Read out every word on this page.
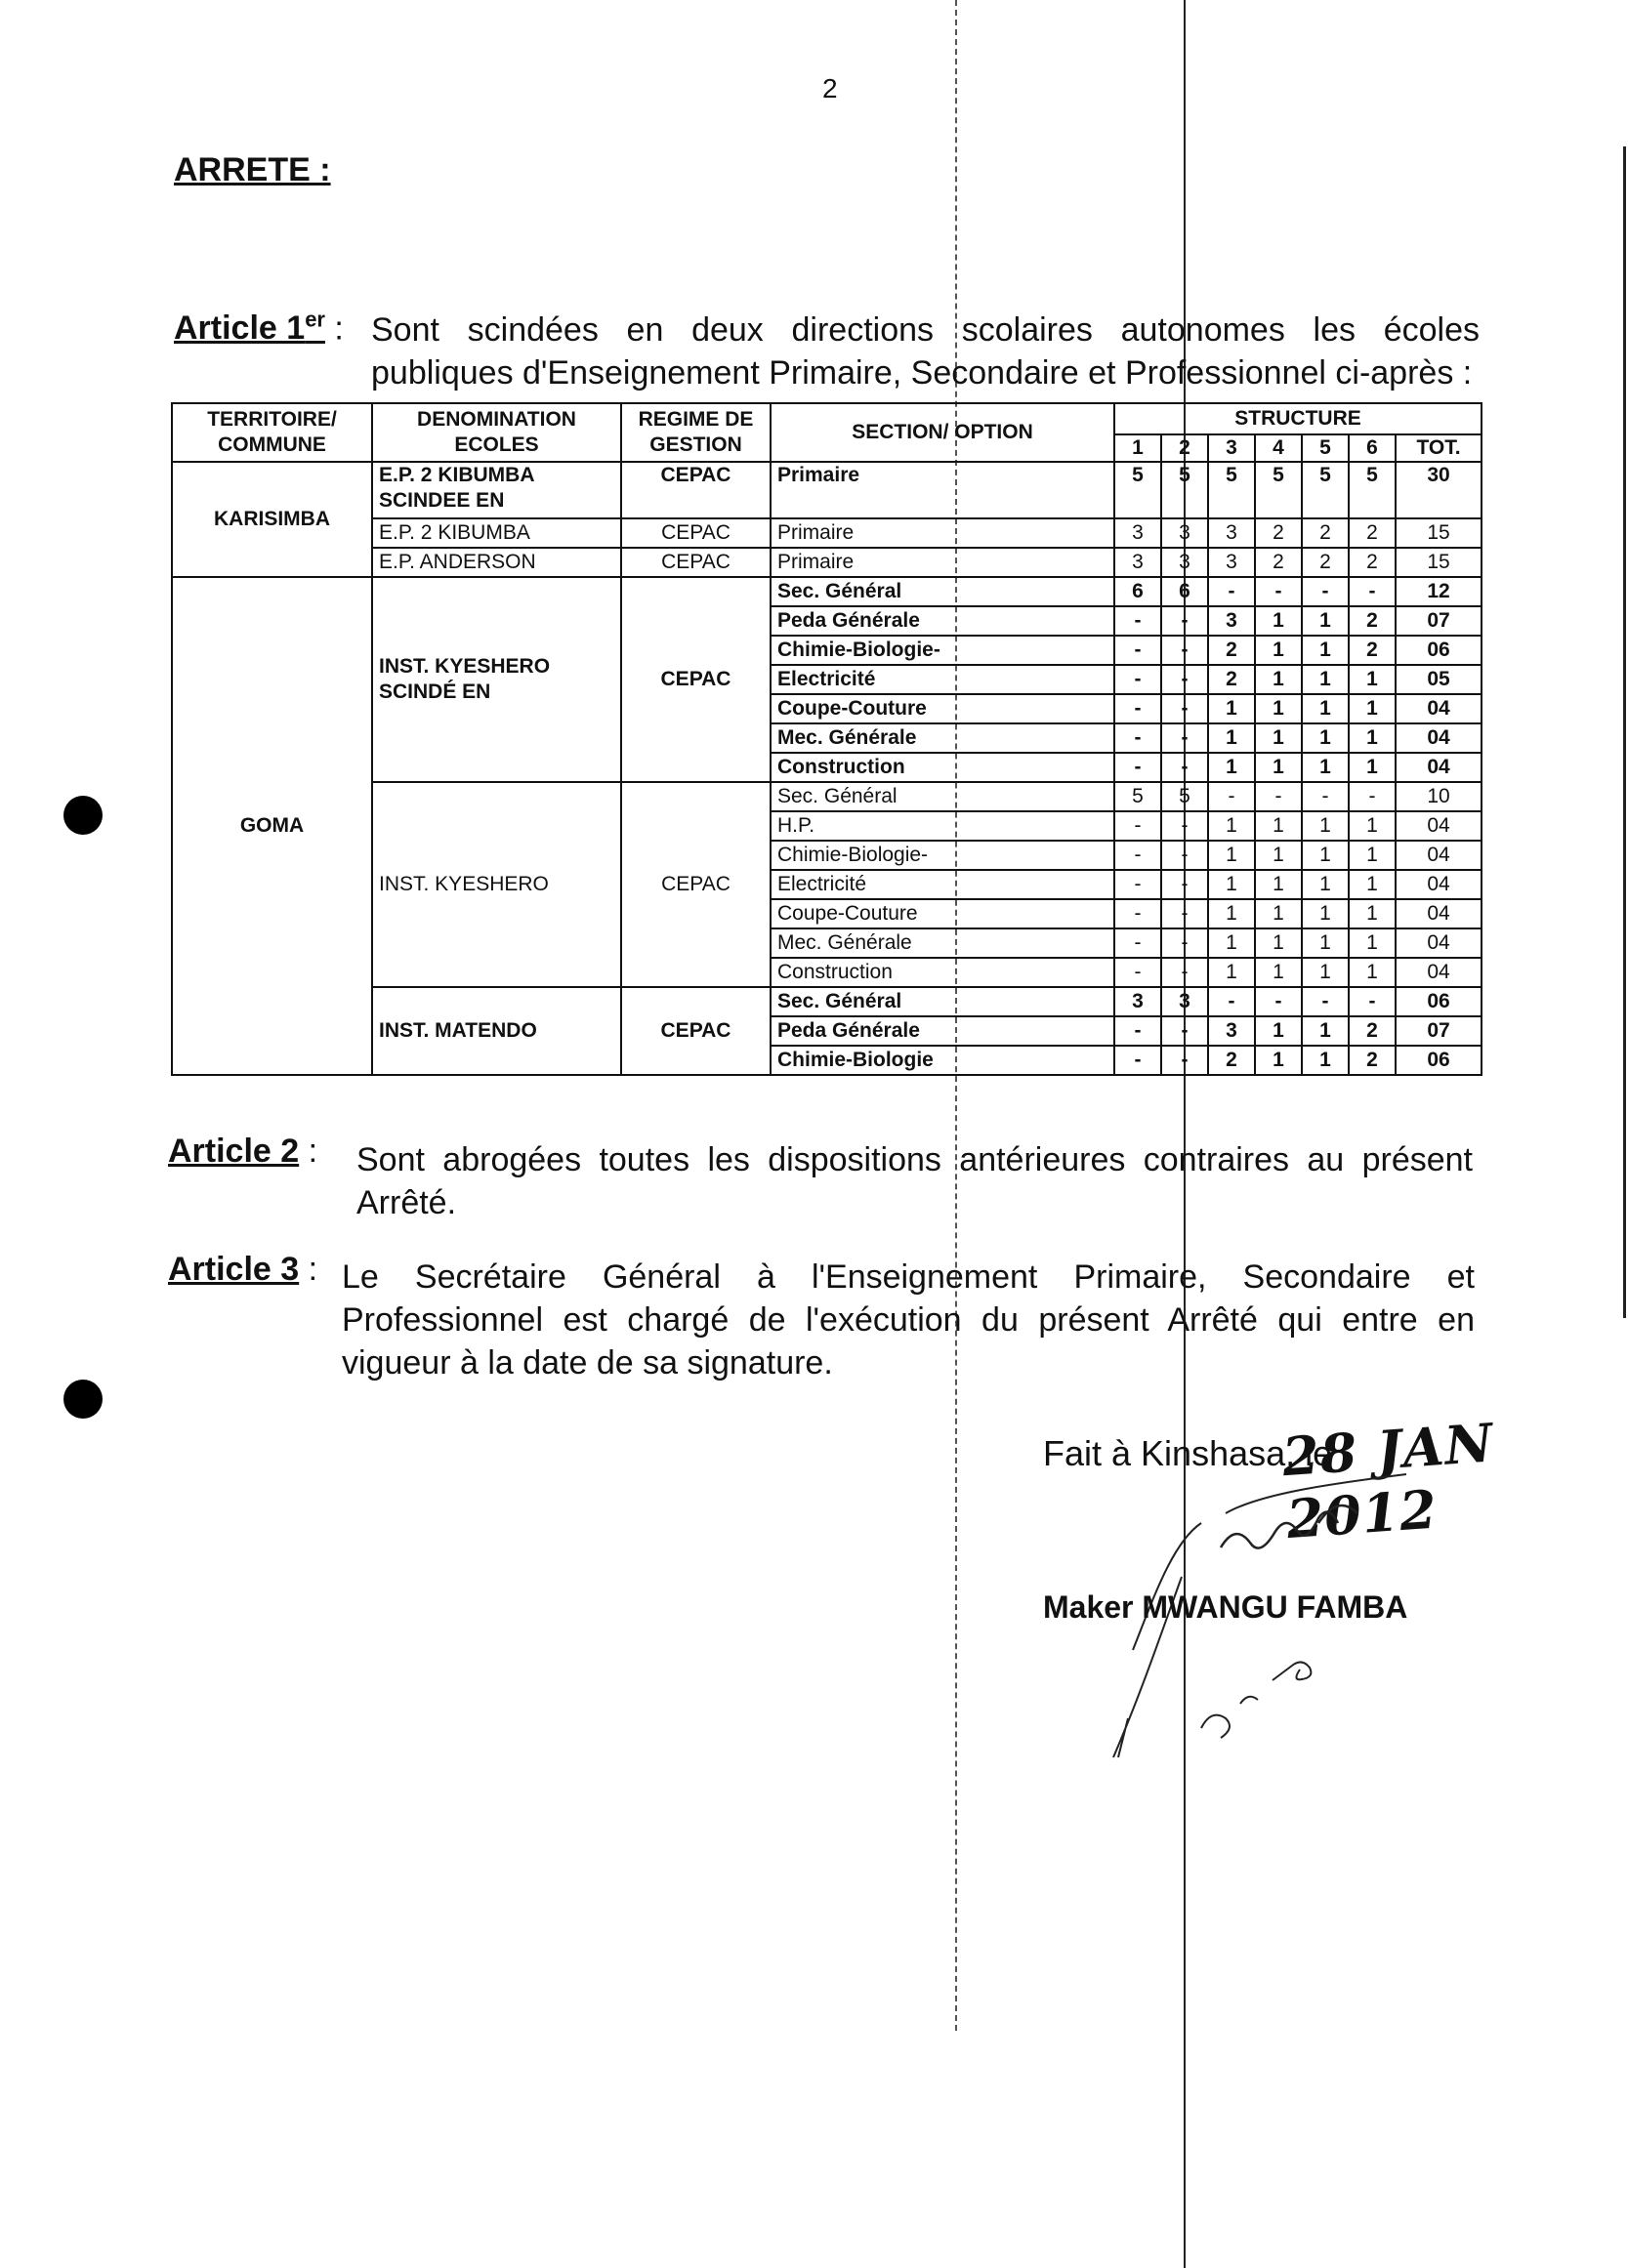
2
ARRETE :
Article 1er : Sont scindées en deux directions scolaires autonomes les écoles publiques d'Enseignement Primaire, Secondaire et Professionnel ci-après :
TERRITOIRE/ COMMUNE	DENOMINATION ECOLES	REGIME DE GESTION	SECTION/ OPTION	STRUCTURE						
				1	2	3	4	5	6	TOT.
KARISIMBA	E.P. 2 KIBUMBA SCINDEE EN	CEPAC	Primaire	5	5	5	5	5	5	30
	E.P. 2 KIBUMBA	CEPAC	Primaire	3	3	3	2	2	2	15
	E.P. ANDERSON	CEPAC	Primaire	3	3	3	2	2	2	15
GOMA	INST. KYESHERO SCINDÉ EN	CEPAC	Sec. Général	6	6	-	-	-	-	12
			Peda Générale	-	-	3	1	1	2	07
			Chimie-Biologie-	-	-	2	1	1	2	06
			Electricité	-	-	2	1	1	1	05
			Coupe-Couture	-	-	1	1	1	1	04
			Mec. Générale	-	-	1	1	1	1	04
			Construction	-	-	1	1	1	1	04
	INST. KYESHERO	CEPAC	Sec. Général	5	5	-	-	-	-	10
			H.P.	-	-	1	1	1	1	04
			Chimie-Biologie-	-	-	1	1	1	1	04
			Electricité	-	-	1	1	1	1	04
			Coupe-Couture	-	-	1	1	1	1	04
			Mec. Générale	-	-	1	1	1	1	04
			Construction	-	-	1	1	1	1	04
	INST. MATENDO	CEPAC	Sec. Général	3	3	-	-	-	-	06
			Peda Générale	-	-	3	1	1	2	07
			Chimie-Biologie	-	-	2	1	1	2	06
Article 2 : Sont abrogées toutes les dispositions antérieures contraires au présent Arrêté.
Article 3 : Le Secrétaire Général à l'Enseignement Primaire, Secondaire et Professionnel est chargé de l'exécution du présent Arrêté qui entre en vigueur à la date de sa signature.
Fait à Kinshasa, le
28 JAN 2012
Maker MWANGU FAMBA
